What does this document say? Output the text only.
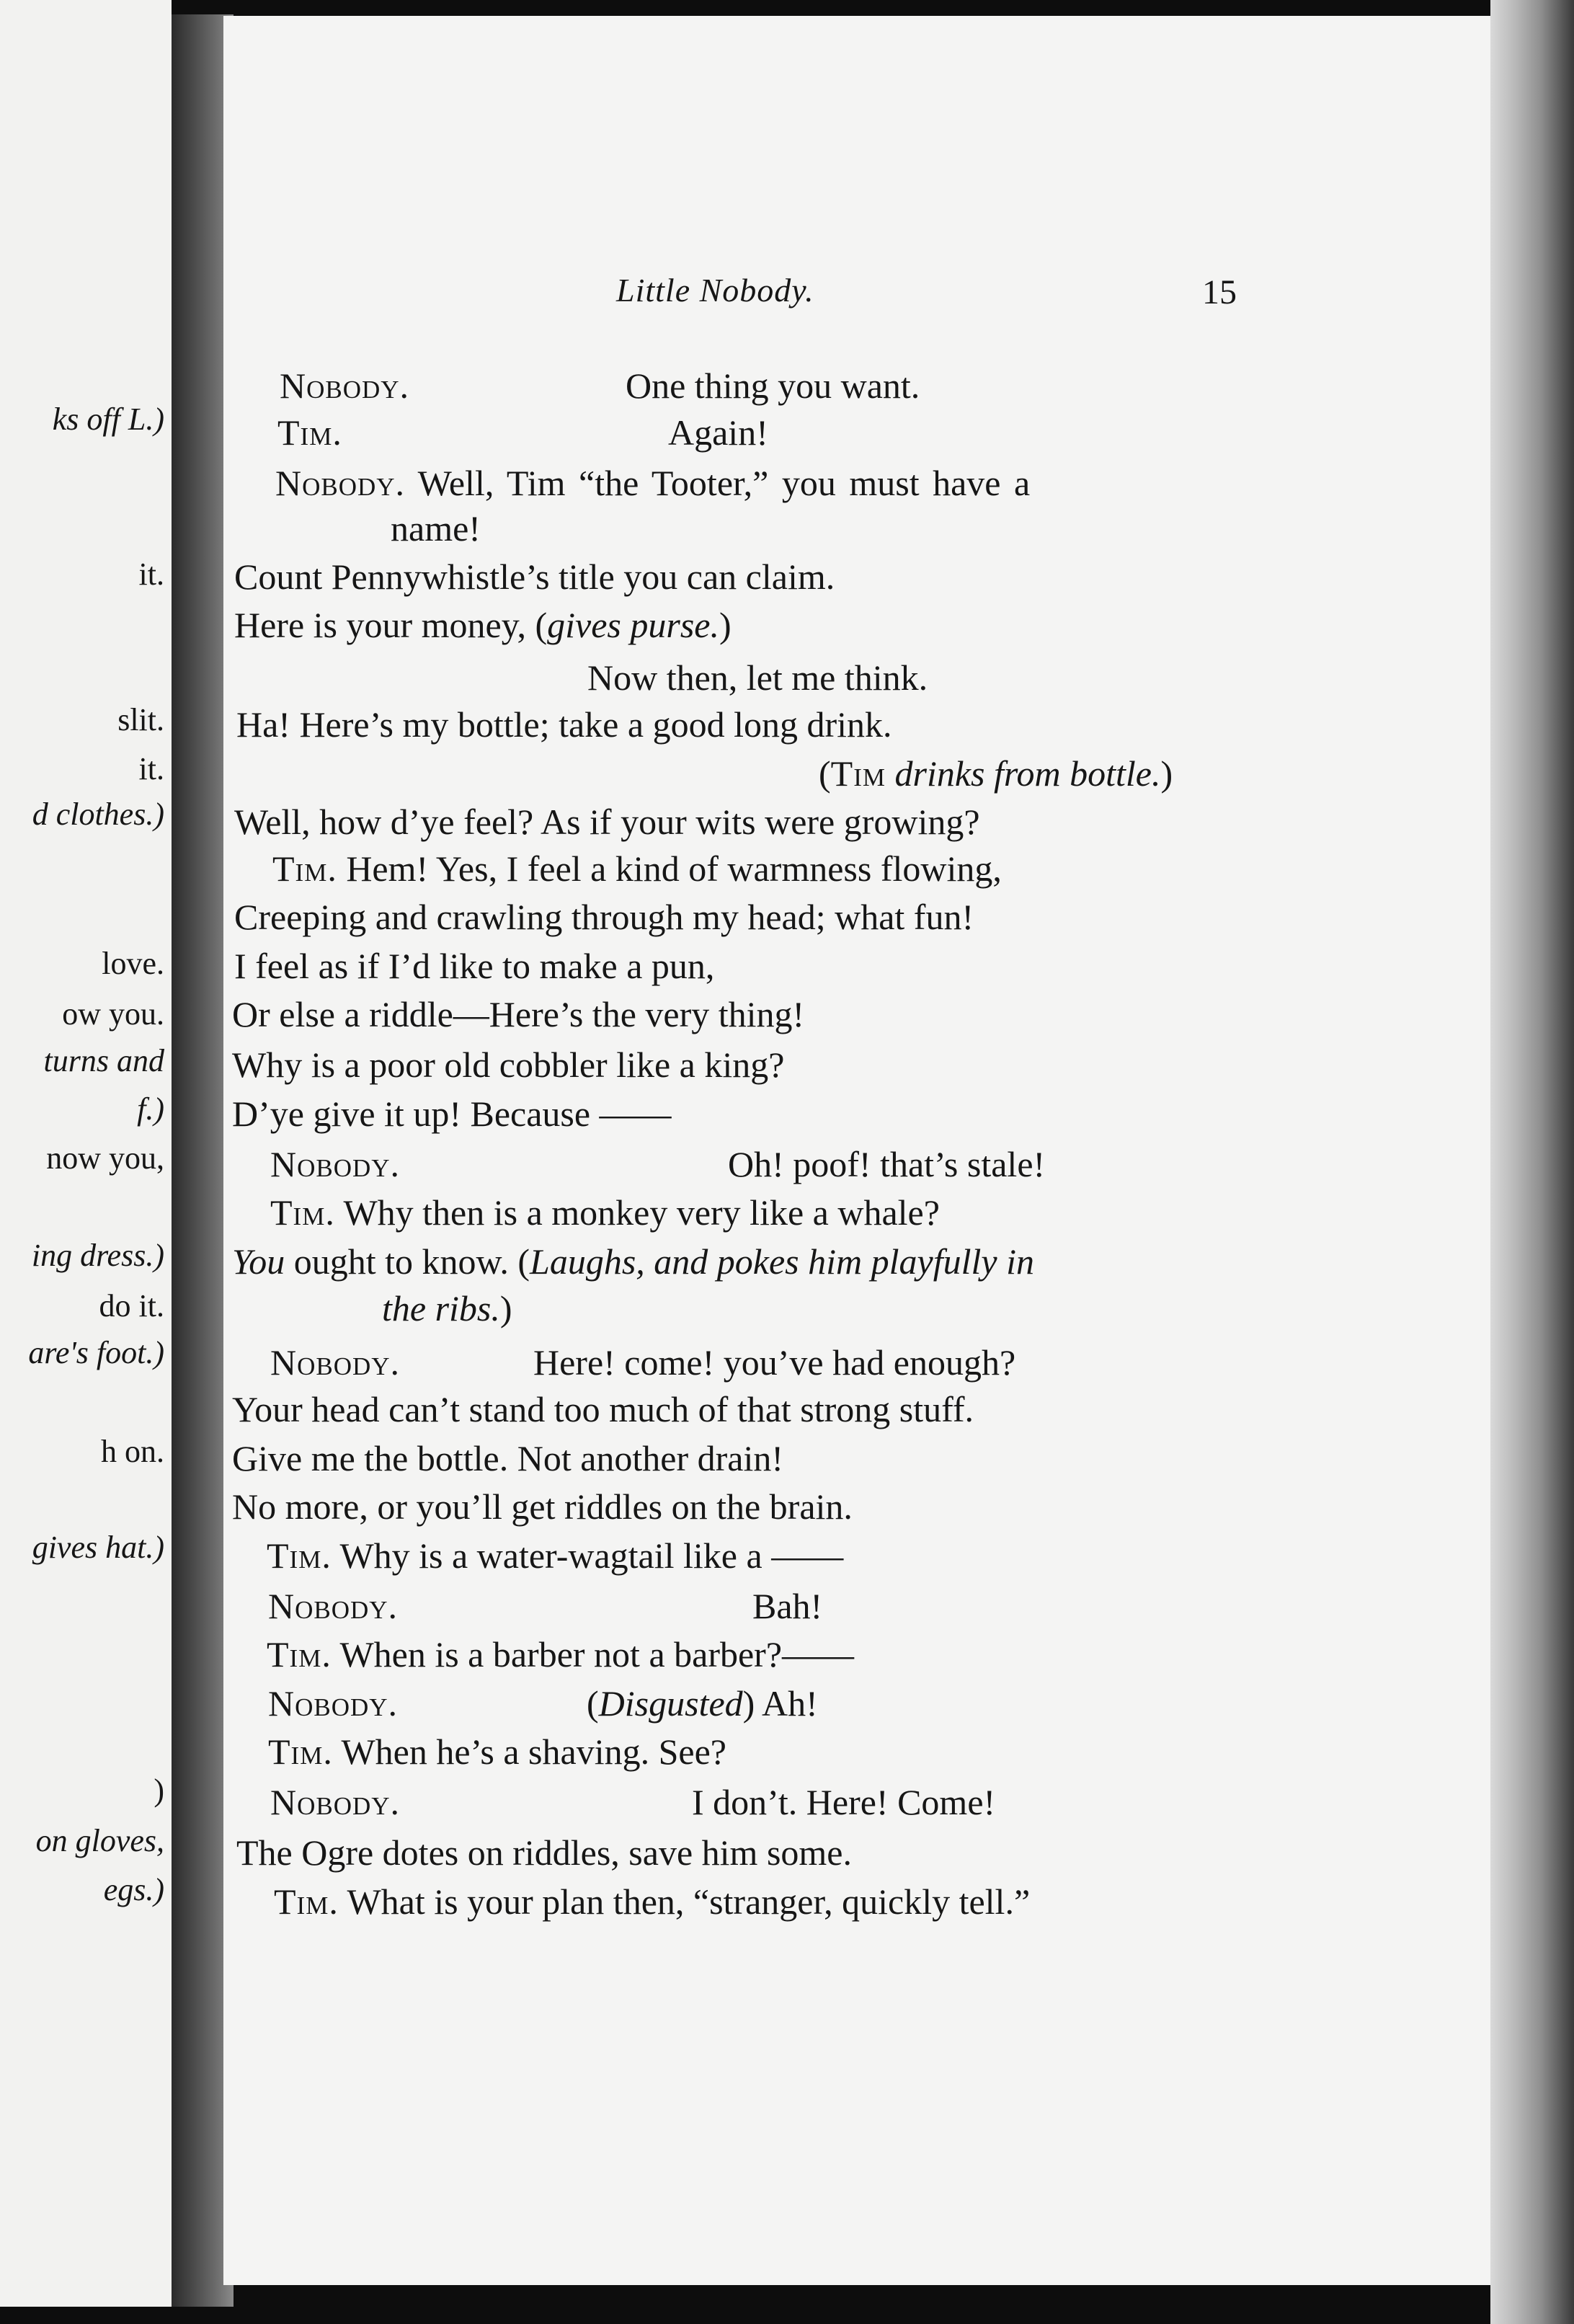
ks off L.)
it.
slit.
it.
d clothes.)
love.
ow you.
turns and
f.)
now you,
ing dress.)
do it.
are's foot.)
h on.
gives hat.)
)
on gloves,
egs.)
Little Nobody.	15
Nobody.	One thing you want.
Tim.	Again!
Nobody. Well, Tim “the Tooter,” you must have a
name!
Count Pennywhistle’s title you can claim.
Here is your money, (gives purse.)
Now then, let me think.
Ha! Here’s my bottle; take a good long drink.
(Tim drinks from bottle.)
Well, how d’ye feel? As if your wits were growing?
Tim. Hem! Yes, I feel a kind of warmness flowing,
Creeping and crawling through my head; what fun!
I feel as if I’d like to make a pun,
Or else a riddle—Here’s the very thing!
Why is a poor old cobbler like a king?
D’ye give it up! Because ——
Nobody.	Oh! poof! that’s stale!
Tim. Why then is a monkey very like a whale?
You ought to know. (Laughs, and pokes him playfully in
the ribs.)
Nobody.	Here! come! you’ve had enough?
Your head can’t stand too much of that strong stuff.
Give me the bottle. Not another drain!
No more, or you’ll get riddles on the brain.
Tim. Why is a water-wagtail like a ——
Nobody.	Bah!
Tim. When is a barber not a barber?——
Nobody.	(Disgusted) Ah!
Tim. When he’s a shaving. See?
Nobody.	I don’t. Here! Come!
The Ogre dotes on riddles, save him some.
Tim. What is your plan then, “stranger, quickly tell.”
